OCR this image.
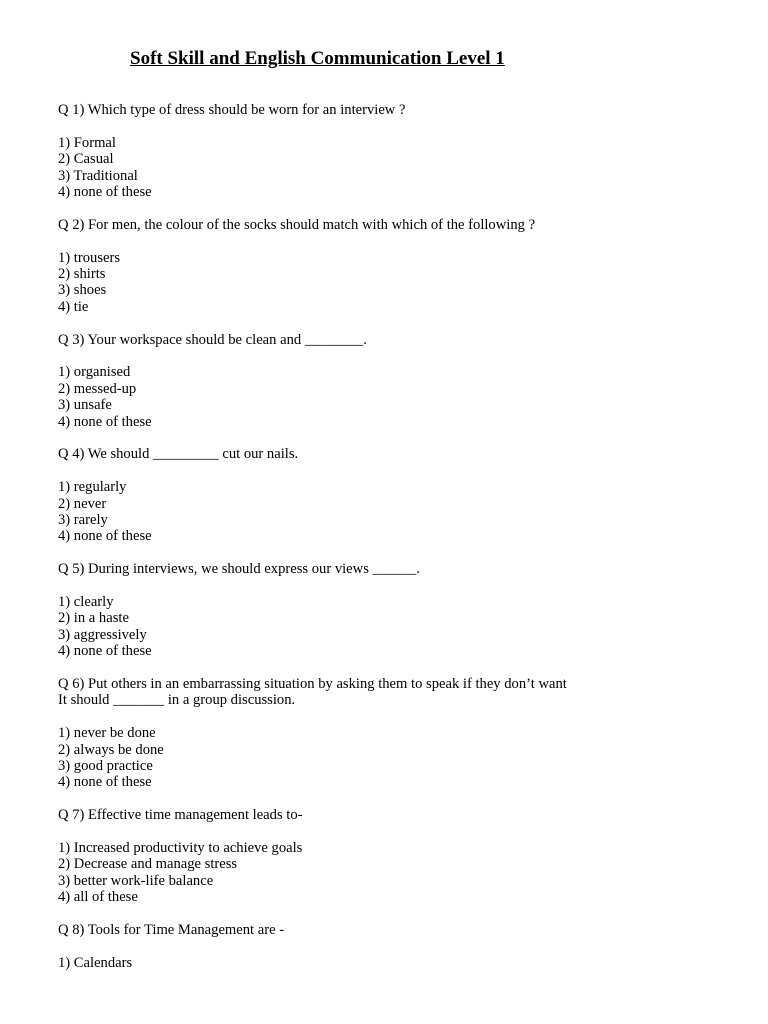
Soft Skill and English Communication Level 1
Q 1) Which type of dress should be worn for an interview ?
1) Formal
2) Casual
3) Traditional
4) none of these
Q 2) For men, the colour of the socks should match with which of the following ?
1) trousers
2) shirts
3) shoes
4) tie
Q 3) Your workspace should be clean and ________.
1) organised
2) messed-up
3) unsafe
4) none of these
Q 4) We should _________ cut our nails.
1) regularly
2) never
3) rarely
4) none of these
Q 5) During interviews, we should express our views ______.
1) clearly
2) in a haste
3) aggressively
4) none of these
Q 6) Put others in an embarrassing situation by asking them to speak if they don’t want
It should _______ in a group discussion.
1) never be done
2) always be done
3) good practice
4) none of these
Q 7) Effective time management leads to-
1) Increased productivity to achieve goals
2) Decrease and manage stress
3) better work-life balance
4) all of these
Q 8) Tools for Time Management are -
1) Calendars
